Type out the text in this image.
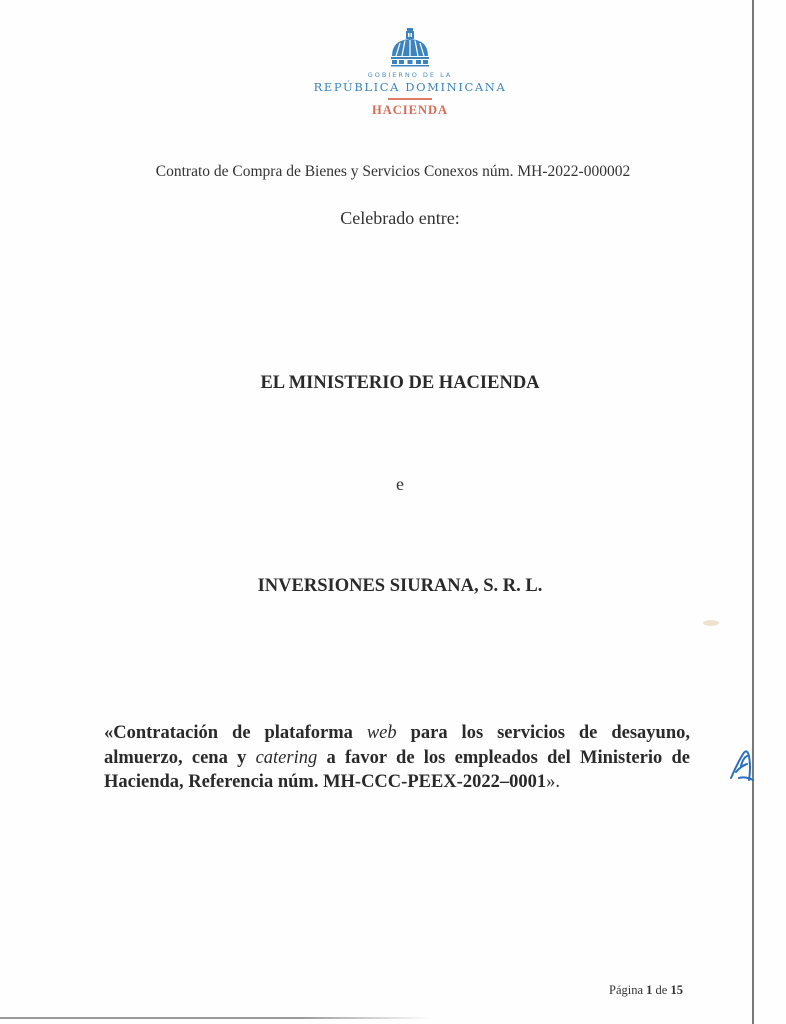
GOBIERNO DE LA
REPÚBLICA DOMINICANA
HACIENDA
Contrato de Compra de Bienes y Servicios Conexos núm. MH-2022-000002
Celebrado entre:
EL MINISTERIO DE HACIENDA
e
INVERSIONES SIURANA, S. R. L.
«Contratación de plataforma web para los servicios de desayuno, almuerzo, cena y catering a favor de los empleados del Ministerio de Hacienda, Referencia núm. MH-CCC-PEEX-2022–0001».
Página 1 de 15
